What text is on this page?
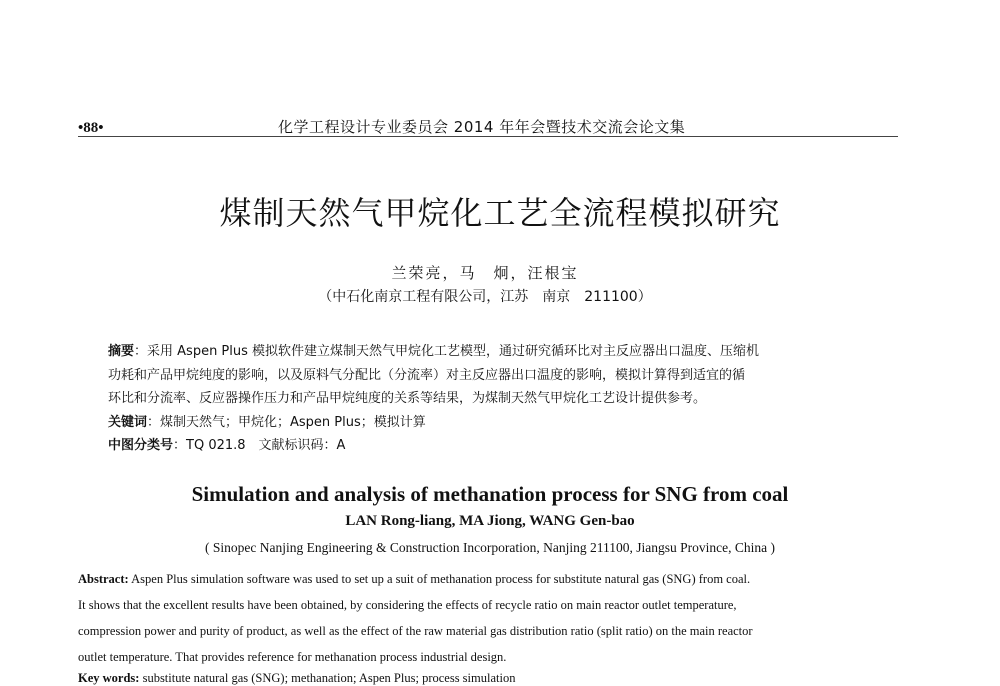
•88•	化学工程设计专业委员会 2014 年年会暨技术交流会论文集
煤制天然气甲烷化工艺全流程模拟研究
兰荣亮，马　炯，汪根宝
（中石化南京工程有限公司，江苏　南京　211100）
摘要：采用 Aspen Plus 模拟软件建立煤制天然气甲烷化工艺模型，通过研究循环比对主反应器出口温度、压缩机
功耗和产品甲烷纯度的影响，以及原料气分配比（分流率）对主反应器出口温度的影响，模拟计算得到适宜的循
环比和分流率、反应器操作压力和产品甲烷纯度的关系等结果，为煤制天然气甲烷化工艺设计提供参考。
关键词：煤制天然气；甲烷化；Aspen Plus；模拟计算
中图分类号：TQ 021.8　文献标识码：A
Simulation and analysis of methanation process for SNG from coal
LAN Rong-liang, MA Jiong, WANG Gen-bao
( Sinopec Nanjing Engineering & Construction Incorporation, Nanjing 211100, Jiangsu Province, China )
Abstract: Aspen Plus simulation software was used to set up a suit of methanation process for substitute natural gas (SNG) from coal.
It shows that the excellent results have been obtained, by considering the effects of recycle ratio on main reactor outlet temperature,
compression power and purity of product, as well as the effect of the raw material gas distribution ratio (split ratio) on the main reactor
outlet temperature. That provides reference for methanation process industrial design.
Key words: substitute natural gas (SNG); methanation; Aspen Plus; process simulation
